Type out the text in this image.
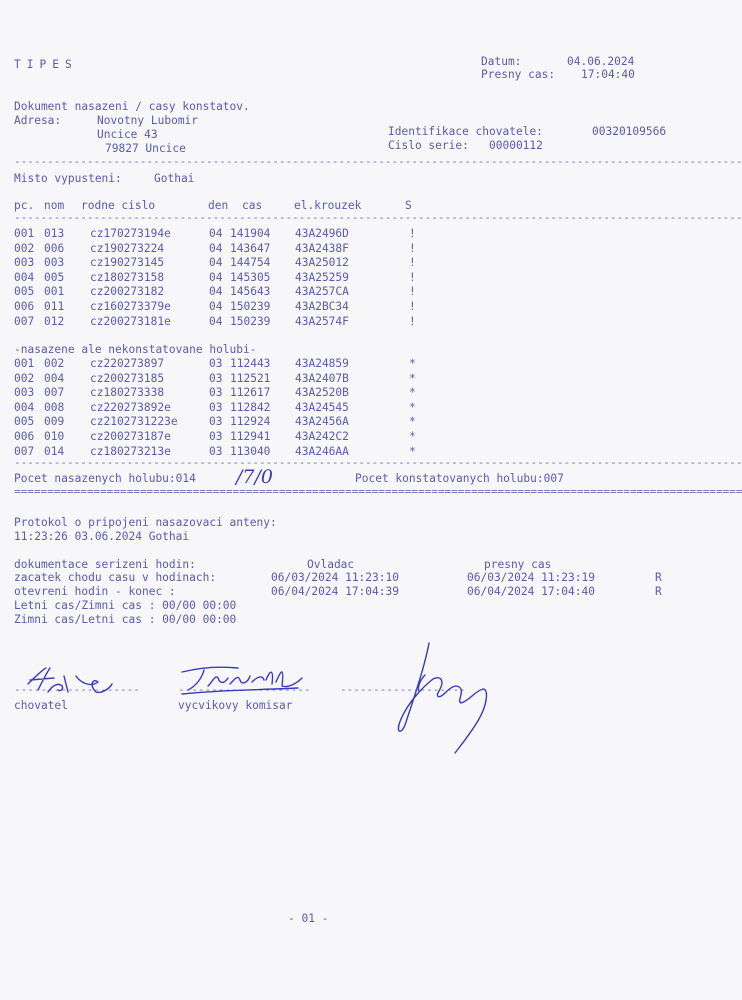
TIPES	Datum:	04.06.2024
Presny cas: 17:04:40
Dokument nasazeni / casy konstatov.
Adresa:	Novotny Lubomir
Uncice 43
79827 Uncice
Identifikace chovatele:	00320109566
Cislo serie: 00000112
--------------------------------------------------------------------------------------------------------------
Misto vypusteni:	Gothai
pc. nom rodne cislo	den cas	el.krouzek	S
--------------------------------------------------------------------------------------------------------------
001 013 cz170273194e	04 141904 43A2496D	!
002 006 cz190273224	04 143647 43A2438F	!
003 003 cz190273145	04 144754 43A25012	!
004 005 cz180273158	04 145305 43A25259	!
005 001 cz200273182	04 145643 43A257CA	!
006 011 cz160273379e	04 150239 43A2BC34	!
007 012 cz200273181e	04 150239 43A2574F	!
-nasazene ale nekonstatovane holubi-
001 002 cz220273897	03 112443 43A24859	*
002 004 cz200273185	03 112521 43A2407B	*
003 007 cz180273338	03 112617 43A2520B	*
004 008 cz220273892e	03 112842 43A24545	*
005 009 cz2102731223e	03 112924 43A2456A	*
006 010 cz200273187e	03 112941 43A242C2	*
007 014 cz180273213e	03 113040 43A246AA	*
--------------------------------------------------------------------------------------------------------------
Pocet nasazenych holubu:014 /7/0	Pocet konstatovanych holubu:007
==============================================================================================================
Protokol o pripojeni nasazovaci anteny:
11:23:26 03.06.2024 Gothai
dokumentace serizeni hodin:	Ovladac	presny cas
zacatek chodu casu v hodinach:	06/03/2024 11:23:10	06/03/2024 11:23:19	R
otevreni hodin - konec :	06/04/2024 17:04:39	06/04/2024 17:04:40	R
Letni cas/Zimni cas : 00/00 00:00
Zimni cas/Letni cas : 00/00 00:00
-------------------	--------------------	-------------------
chovatel	vycvikovy komisar
- 01 -
